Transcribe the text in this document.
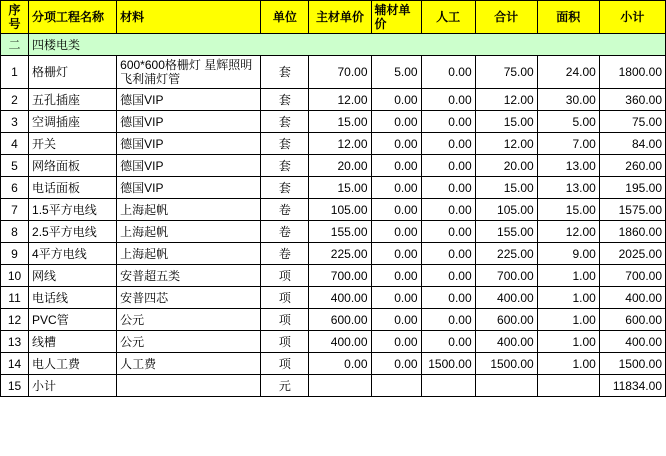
序号	分项工程名称	材料	单位	主材单价	辅材单价	人工	合计	面积	小计
二	四楼电类								
1	格栅灯	600*600格栅灯 星辉照明 飞利浦灯管	套	70.00	5.00	0.00	75.00	24.00	1800.00
2	五孔插座	德国VIP	套	12.00	0.00	0.00	12.00	30.00	360.00
3	空调插座	德国VIP	套	15.00	0.00	0.00	15.00	5.00	75.00
4	开关	德国VIP	套	12.00	0.00	0.00	12.00	7.00	84.00
5	网络面板	德国VIP	套	20.00	0.00	0.00	20.00	13.00	260.00
6	电话面板	德国VIP	套	15.00	0.00	0.00	15.00	13.00	195.00
7	1.5平方电线	上海起帆	卷	105.00	0.00	0.00	105.00	15.00	1575.00
8	2.5平方电线	上海起帆	卷	155.00	0.00	0.00	155.00	12.00	1860.00
9	4平方电线	上海起帆	卷	225.00	0.00	0.00	225.00	9.00	2025.00
10	网线	安普超五类	项	700.00	0.00	0.00	700.00	1.00	700.00
11	电话线	安普四芯	项	400.00	0.00	0.00	400.00	1.00	400.00
12	PVC管	公元	项	600.00	0.00	0.00	600.00	1.00	600.00
13	线槽	公元	项	400.00	0.00	0.00	400.00	1.00	400.00
14	电人工费	人工费	项	0.00	0.00	1500.00	1500.00	1.00	1500.00
15	小计		元						11834.00
